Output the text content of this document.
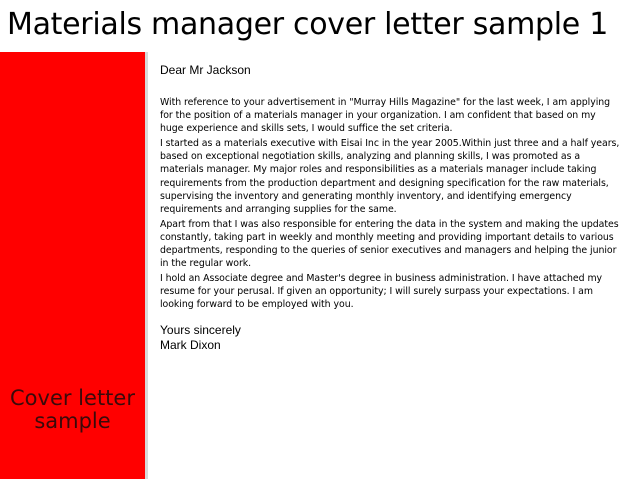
Materials manager cover letter sample 1
Cover letter
sample

Dear Mr Jackson

With reference to your advertisement in "Murray Hills Magazine" for the last week, I am applying for the position of a materials manager in your organization. I am confident that based on my huge experience and skills sets, I would suffice the set criteria.

I started as a materials executive with Eisai Inc in the year 2005.Within just three and a half years, based on exceptional negotiation skills, analyzing and planning skills, I was promoted as a materials manager. My major roles and responsibilities as a materials manager include taking requirements from the production department and designing specification for the raw materials, supervising the inventory and generating monthly inventory, and identifying emergency requirements and arranging supplies for the same.

Apart from that I was also responsible for entering the data in the system and making the updates constantly, taking part in weekly and monthly meeting and providing important details to various departments, responding to the queries of senior executives and managers and helping the junior in the regular work.

I hold an Associate degree and Master's degree in business administration. I have attached my resume for your perusal. If given an opportunity; I will surely surpass your expectations. I am looking forward to be employed with you.

Yours sincerely

Mark Dixon
